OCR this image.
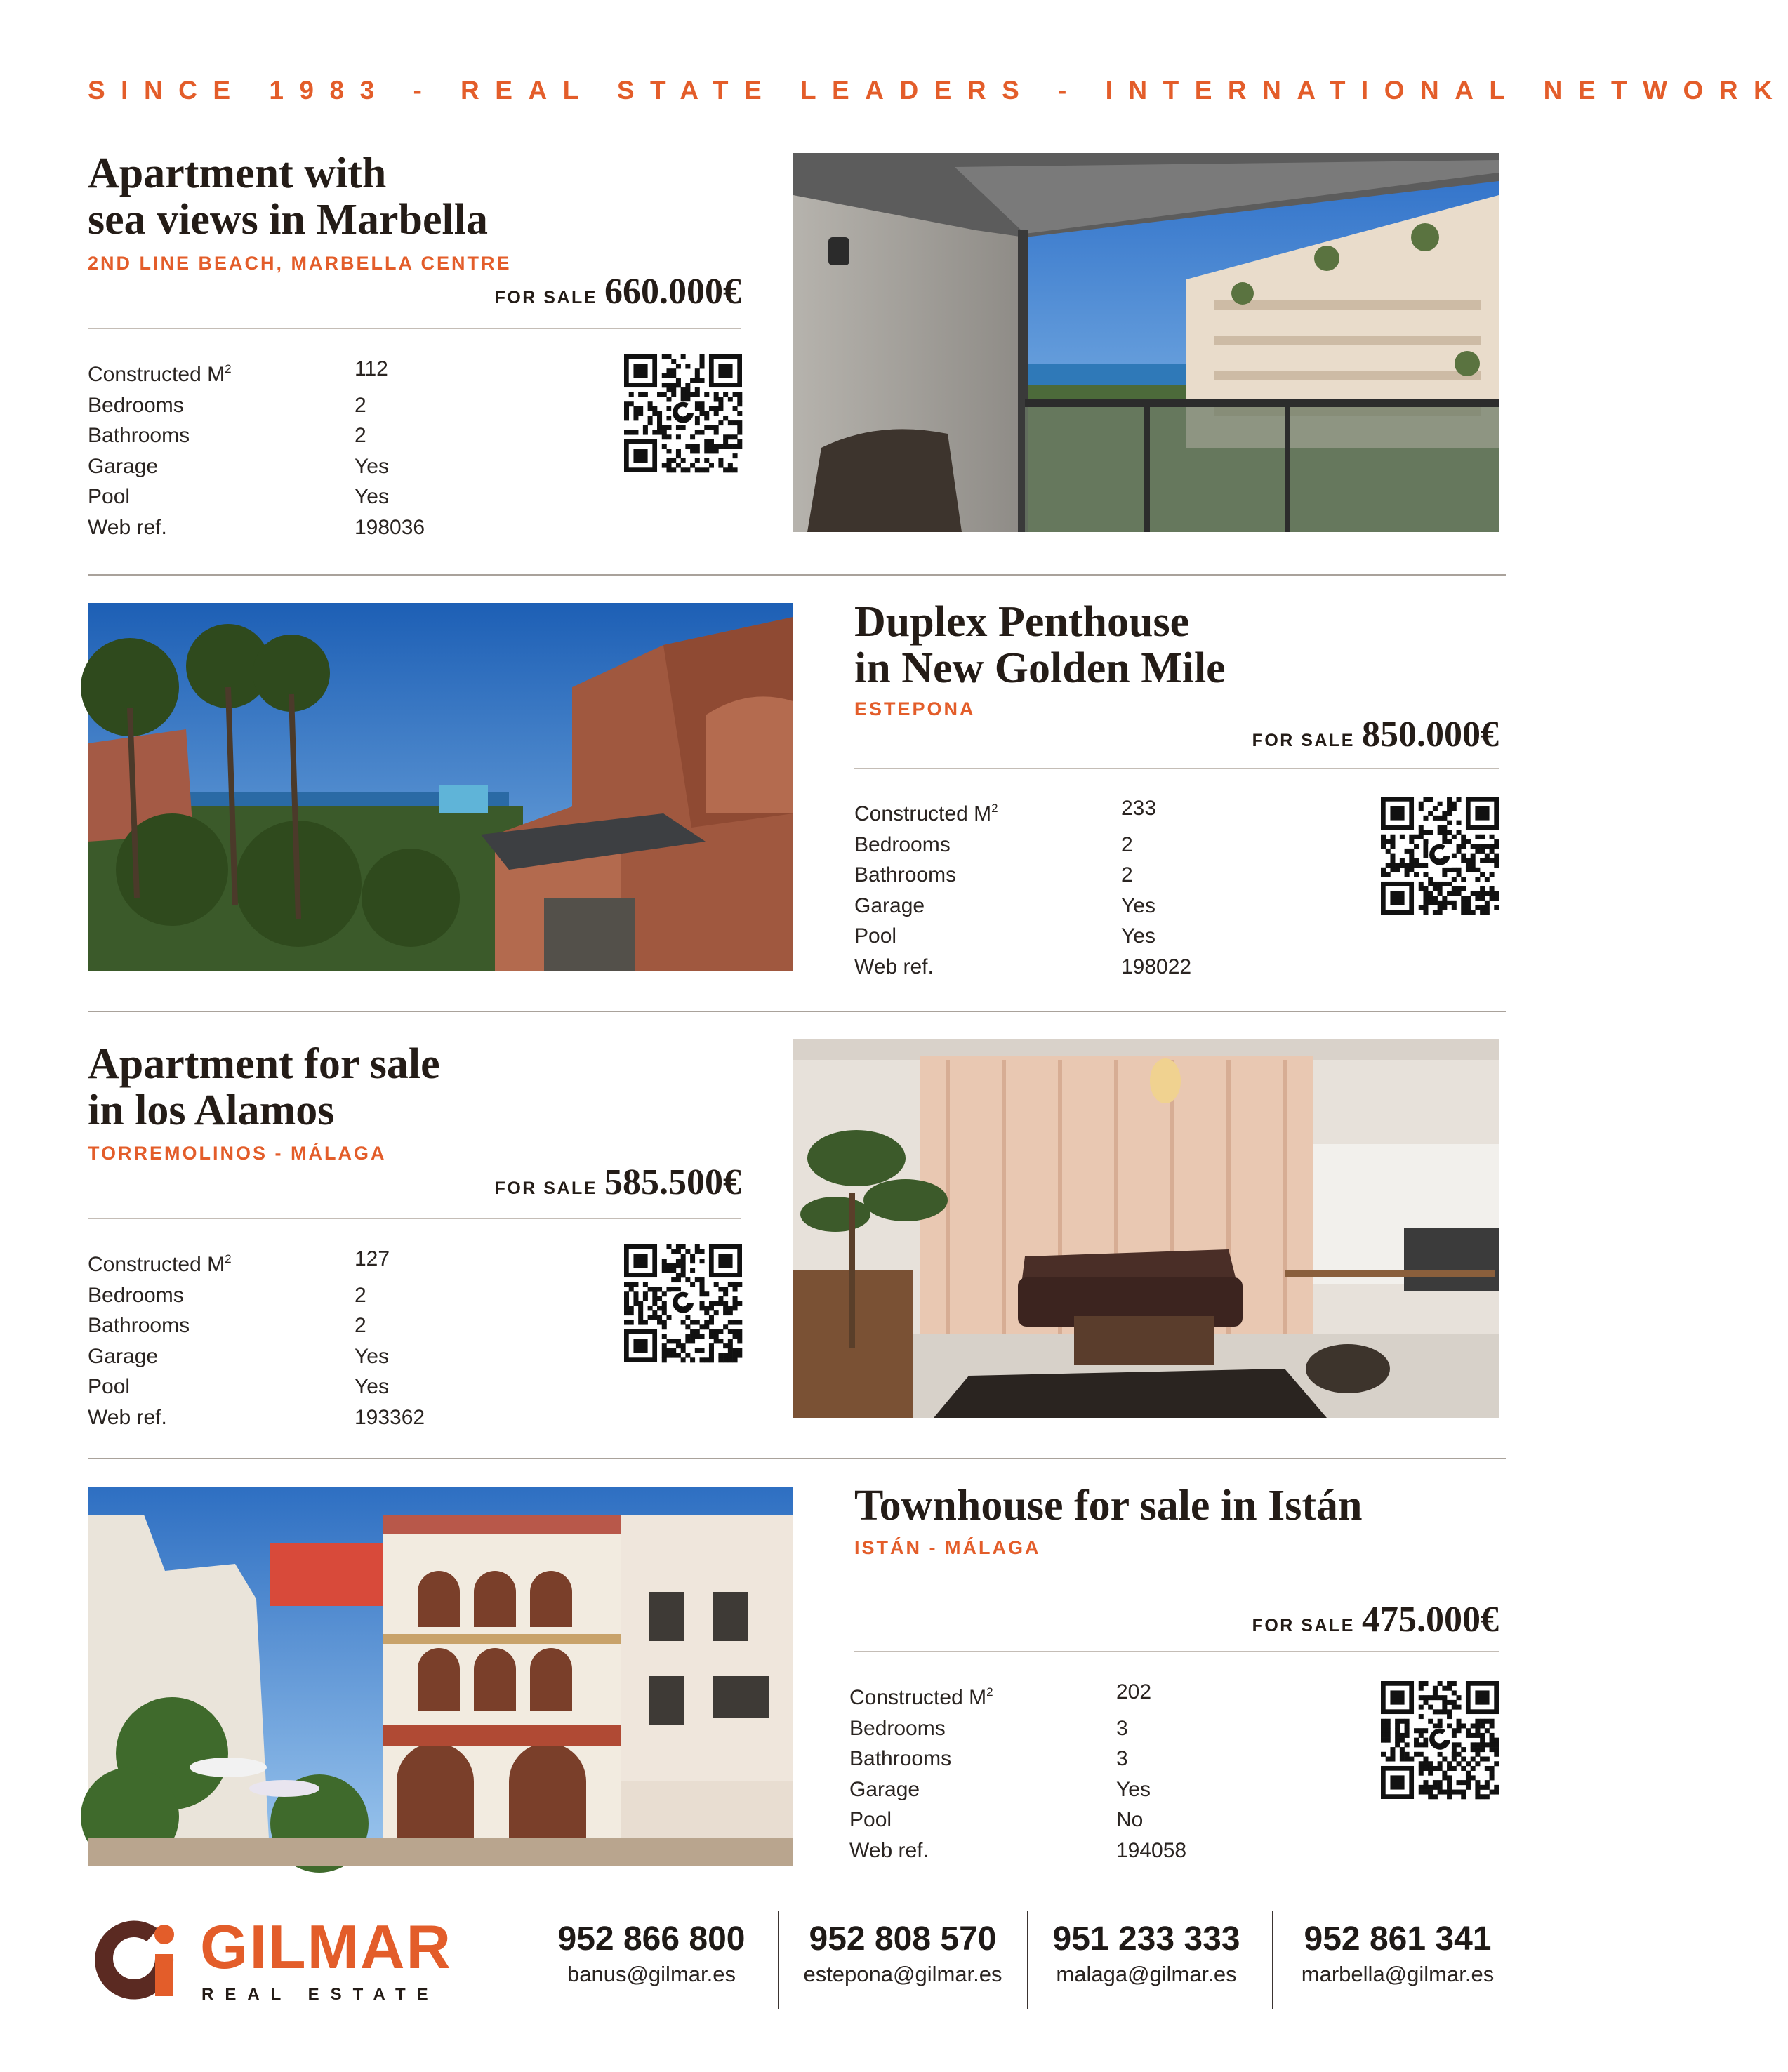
SINCE 1983 - REAL STATE LEADERS - INTERNATIONAL NETWORK
Apartment with
sea views in Marbella
2ND LINE BEACH, MARBELLA CENTRE
FOR SALE 660.000€
Constructed $M^2$	112
Bedrooms	2
Bathrooms	2
Garage	Yes
Pool	Yes
Web ref.	198036
Duplex Penthouse
in New Golden Mile
ESTEPONA
FOR SALE 850.000€
Constructed $M^2$	233
Bedrooms	2
Bathrooms	2
Garage	Yes
Pool	Yes
Web ref.	198022
Apartment for sale
in los Alamos
TORREMOLINOS - MÁLAGA
FOR SALE 585.500€
Constructed $M^2$	127
Bedrooms	2
Bathrooms	2
Garage	Yes
Pool	Yes
Web ref.	193362
Townhouse for sale in Istán
ISTÁN - MÁLAGA
FOR SALE 475.000€
Constructed $M^2$	202
Bedrooms	3
Bathrooms	3
Garage	Yes
Pool	No
Web ref.	194058
GILMAR
REAL ESTATE
952 866 800
banus@gilmar.es
952 808 570
estepona@gilmar.es
951 233 333
malaga@gilmar.es
952 861 341
marbella@gilmar.es
